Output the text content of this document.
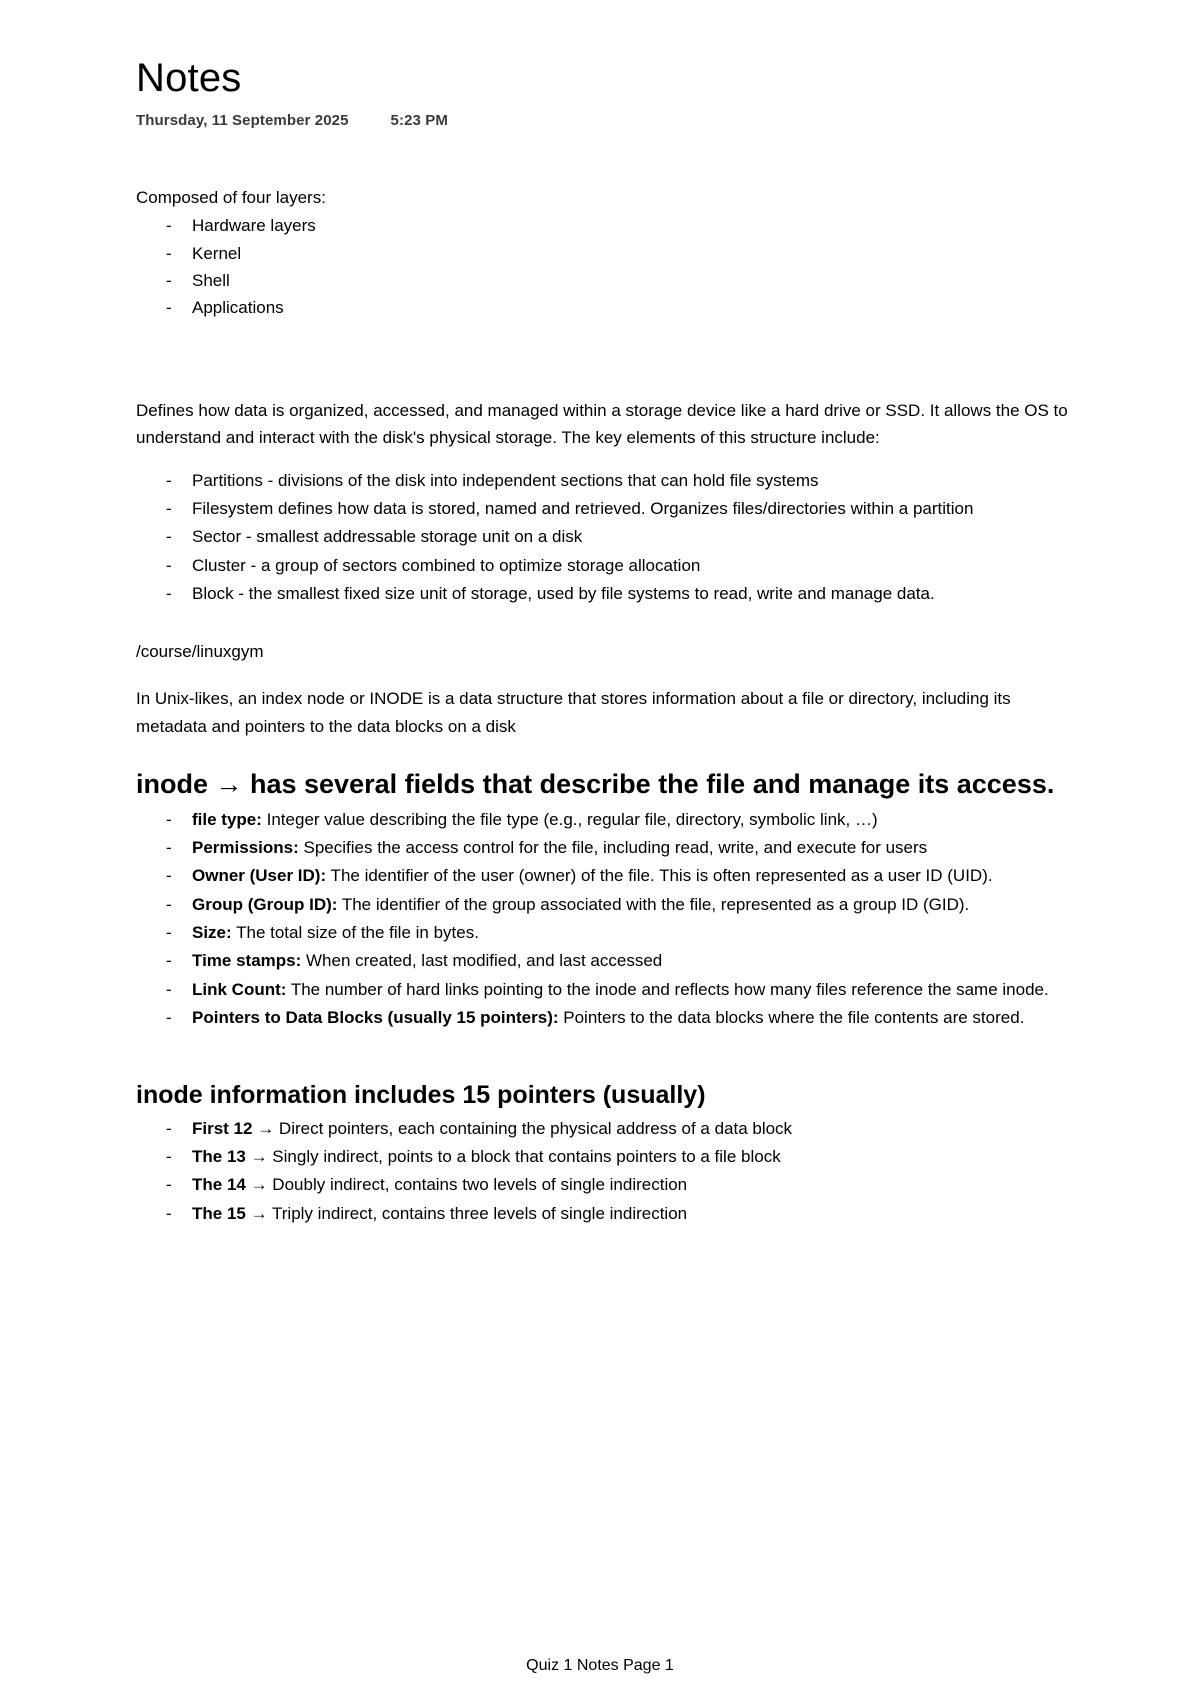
Notes
Thursday, 11 September 2025	5:23 PM

Composed of four layers:

- Hardware layers
- Kernel
- Shell
- Applications

Defines how data is organized, accessed, and managed within a storage device like a hard drive or SSD. It allows the OS to understand and interact with the disk's physical storage. The key elements of this structure include:

- Partitions - divisions of the disk into independent sections that can hold file systems
- Filesystem defines how data is stored, named and retrieved. Organizes files/directories within a partition
- Sector - smallest addressable storage unit on a disk
- Cluster - a group of sectors combined to optimize storage allocation
- Block - the smallest fixed size unit of storage, used by file systems to read, write and manage data.

/course/linuxgym

In Unix-likes, an index node or INODE is a data structure that stores information about a file or directory, including its metadata and pointers to the data blocks on a disk

inode → has several fields that describe the file and manage its access.
- file type: Integer value describing the file type (e.g., regular file, directory, symbolic link, …)
- Permissions: Specifies the access control for the file, including read, write, and execute for users
- Owner (User ID): The identifier of the user (owner) of the file. This is often represented as a user ID (UID).
- Group (Group ID): The identifier of the group associated with the file, represented as a group ID (GID).
- Size: The total size of the file in bytes.
- Time stamps: When created, last modified, and last accessed
- Link Count: The number of hard links pointing to the inode and reflects how many files reference the same inode.
- Pointers to Data Blocks (usually 15 pointers): Pointers to the data blocks where the file contents are stored.
inode information includes 15 pointers (usually)
- First 12 → Direct pointers, each containing the physical address of a data block
- The 13 → Singly indirect, points to a block that contains pointers to a file block
- The 14 → Doubly indirect, contains two levels of single indirection
- The 15 → Triply indirect, contains three levels of single indirection
Quiz 1 Notes Page 1
